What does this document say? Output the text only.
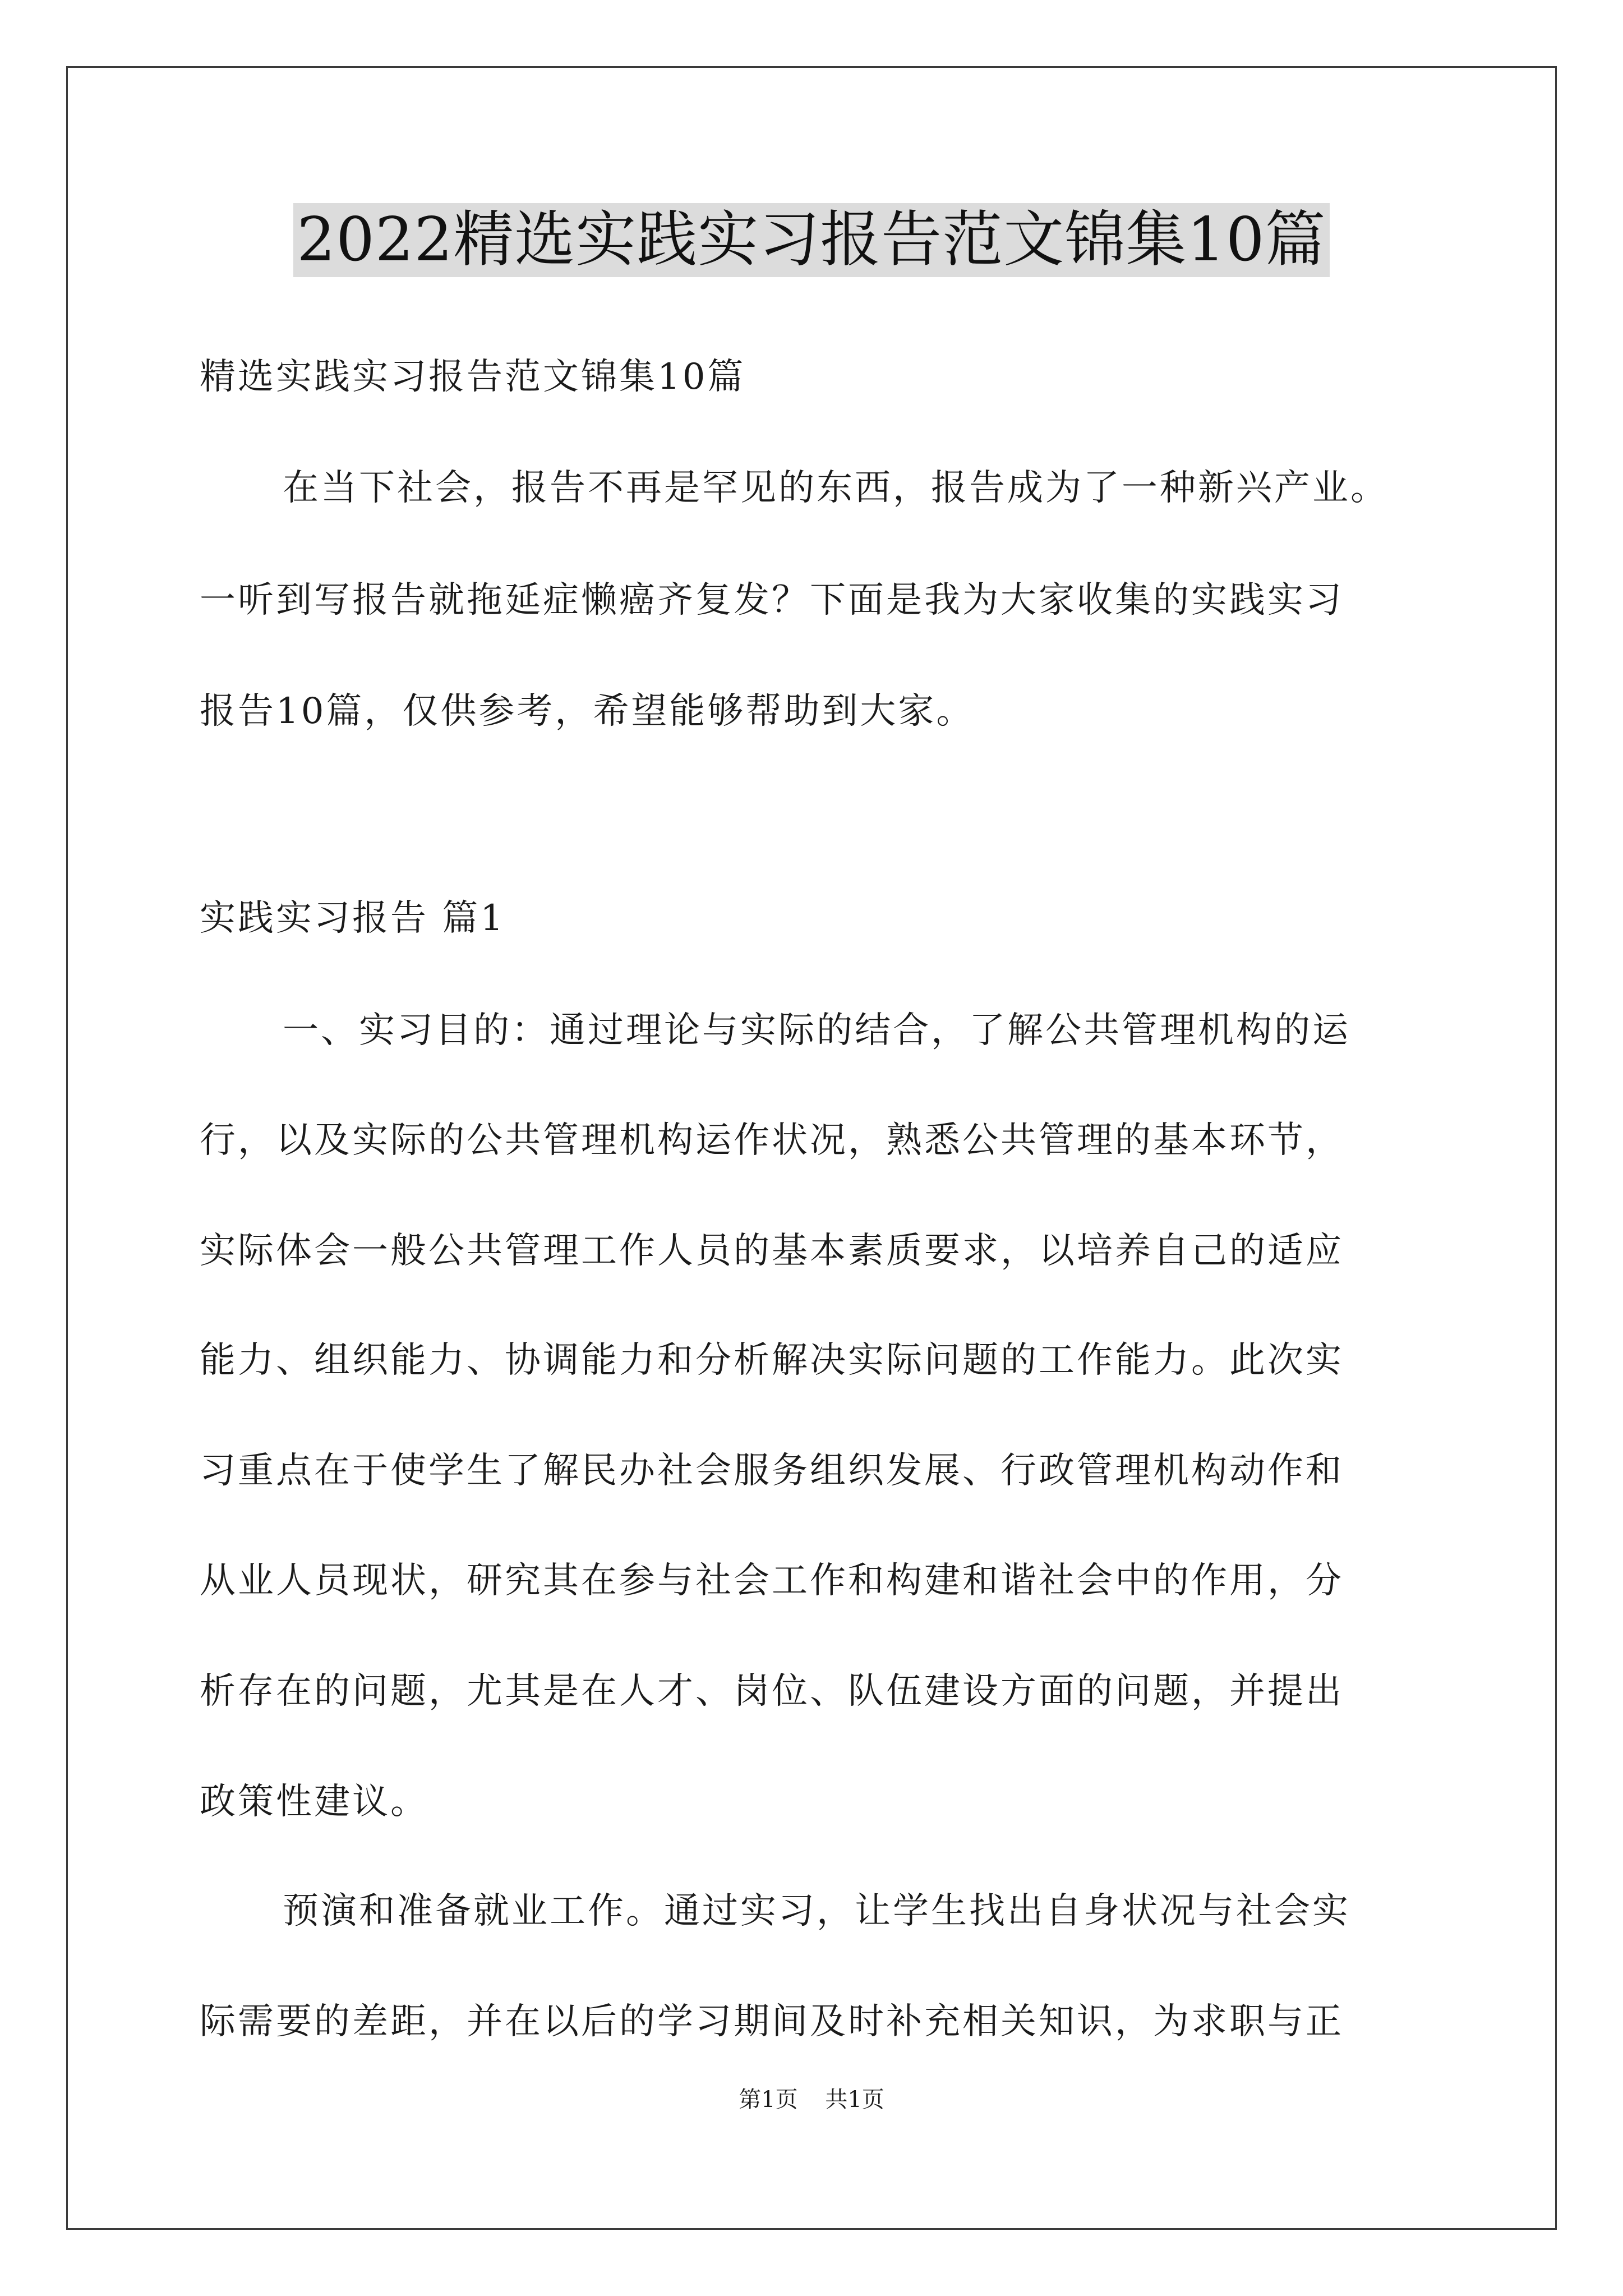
2022精选实践实习报告范文锦集10篇
精选实践实习报告范文锦集10篇
在当下社会，报告不再是罕见的东西，报告成为了一种新兴产业。
一听到写报告就拖延症懒癌齐复发？下面是我为大家收集的实践实习
报告10篇，仅供参考，希望能够帮助到大家。
实践实习报告 篇1
一、实习目的：通过理论与实际的结合，了解公共管理机构的运
行，以及实际的公共管理机构运作状况，熟悉公共管理的基本环节，
实际体会一般公共管理工作人员的基本素质要求，以培养自己的适应
能力、组织能力、协调能力和分析解决实际问题的工作能力。此次实
习重点在于使学生了解民办社会服务组织发展、行政管理机构动作和
从业人员现状，研究其在参与社会工作和构建和谐社会中的作用，分
析存在的问题，尤其是在人才、岗位、队伍建设方面的问题，并提出
政策性建议。
预演和准备就业工作。通过实习，让学生找出自身状况与社会实
际需要的差距，并在以后的学习期间及时补充相关知识，为求职与正
第1页 共1页
